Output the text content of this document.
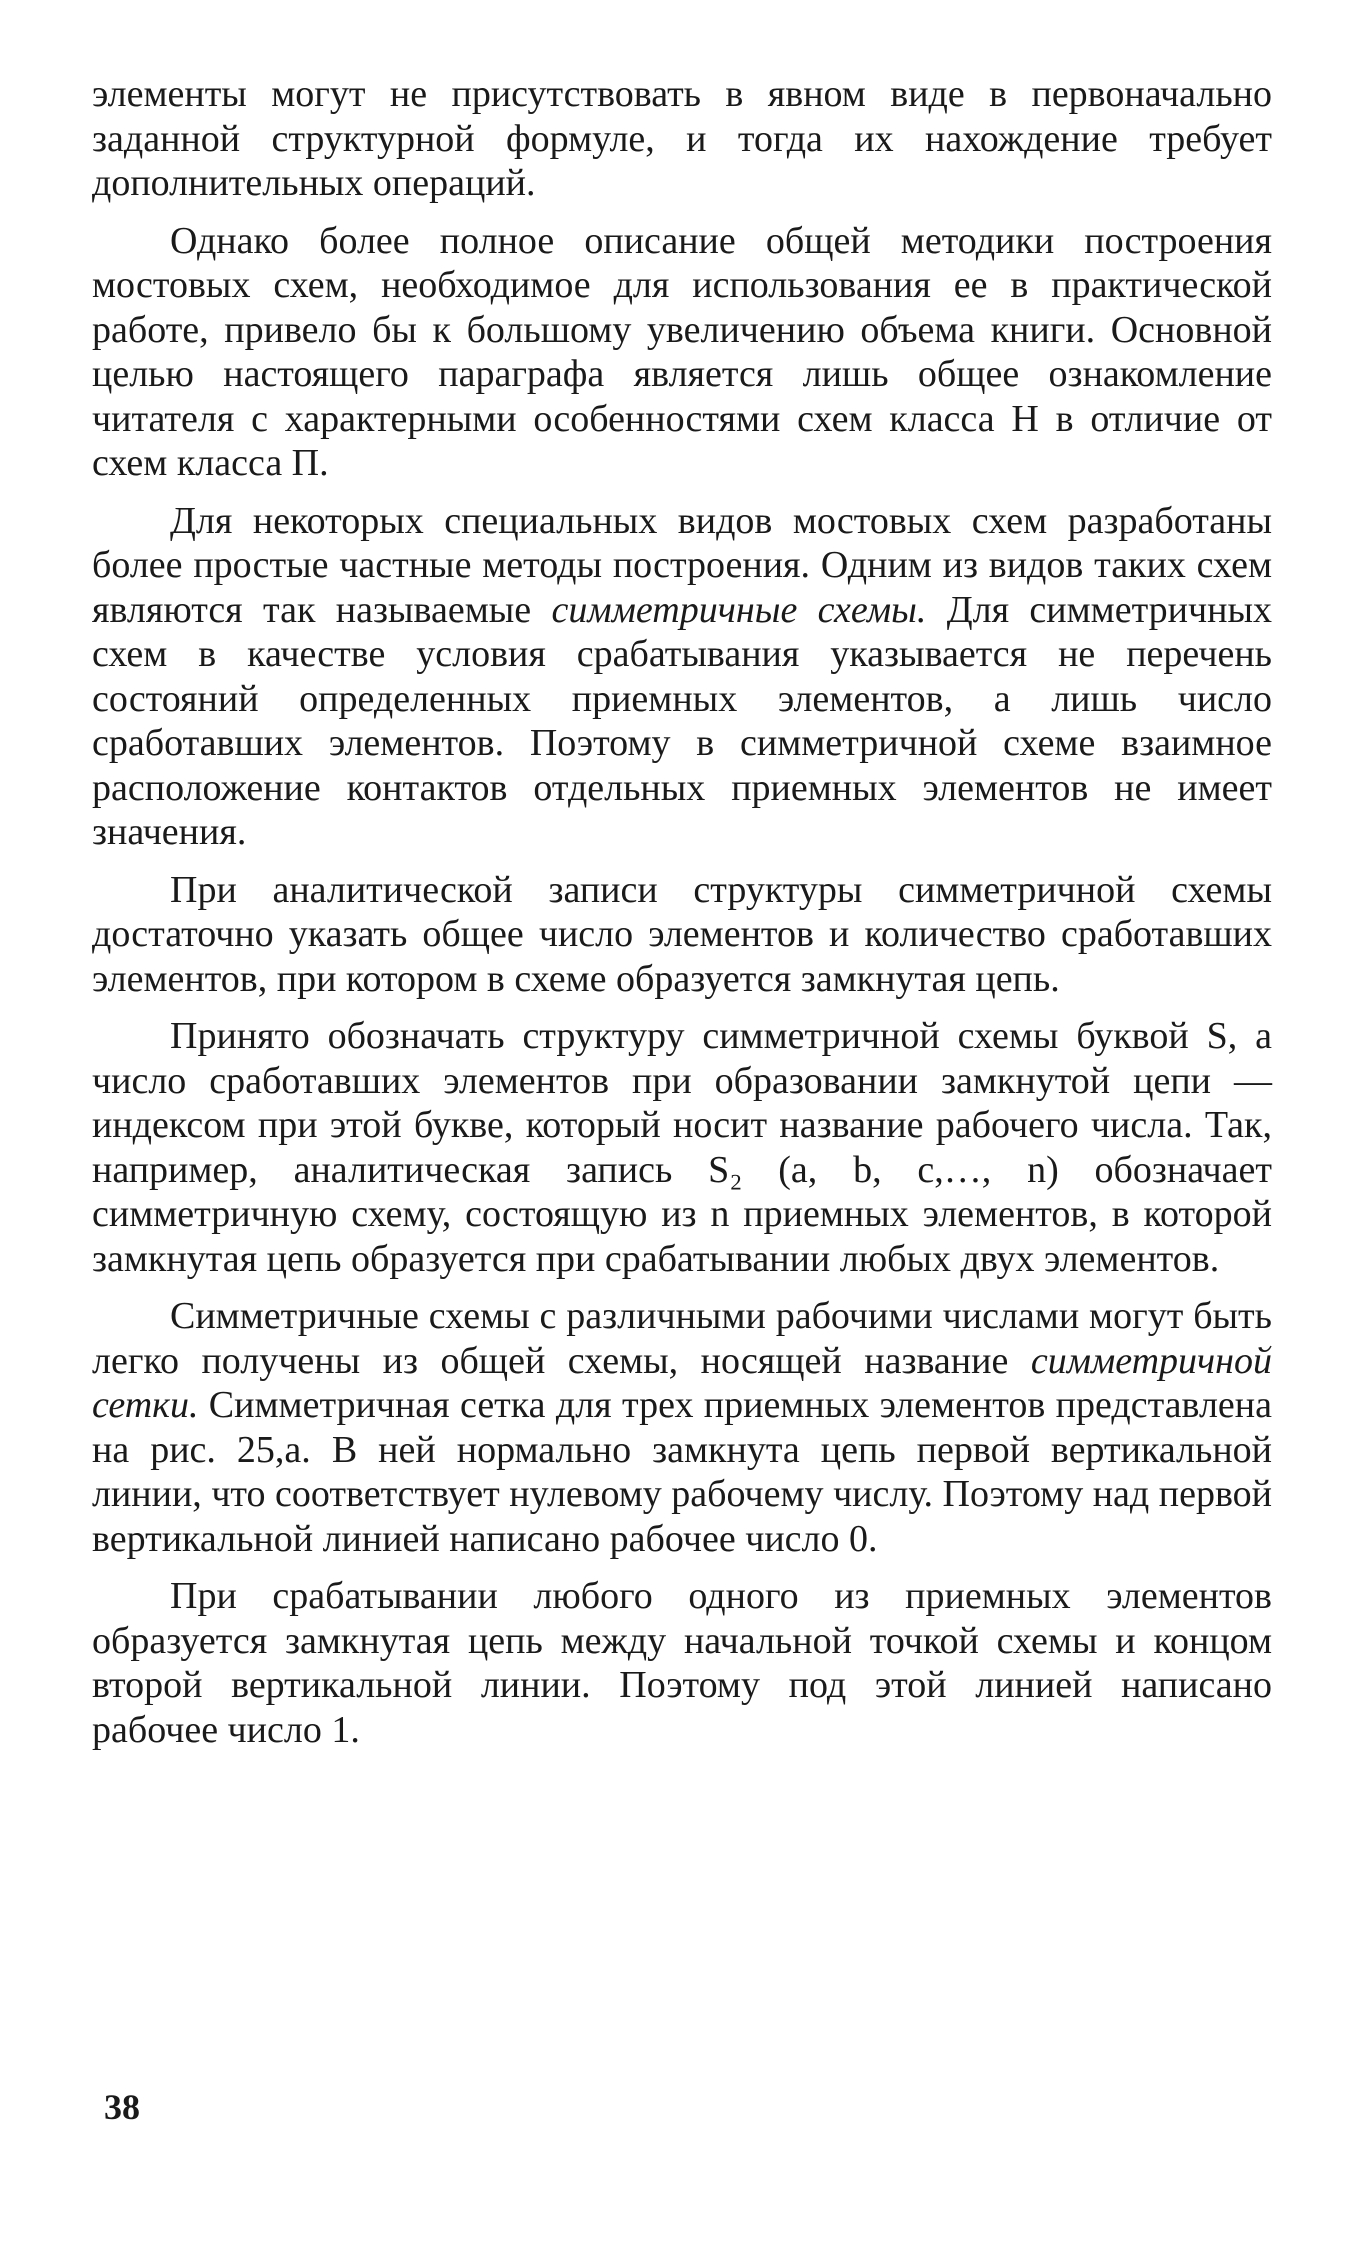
элементы могут не присутствовать в явном виде в первоначально заданной структурной формуле, и тогда их нахождение требует дополнительных операций.

Однако более полное описание общей методики построения мостовых схем, необходимое для использования ее в практической работе, привело бы к большому увеличению объема книги. Основной целью настоящего параграфа является лишь общее ознакомление читателя с характерными особенностями схем класса Н в отличие от схем класса П.

Для некоторых специальных видов мостовых схем разработаны более простые частные методы построения. Одним из видов таких схем являются так называемые симметричные схемы. Для симметричных схем в качестве условия срабатывания указывается не перечень состояний определенных приемных элементов, а лишь число сработавших элементов. Поэтому в симметричной схеме взаимное расположение контактов отдельных приемных элементов не имеет значения.

При аналитической записи структуры симметричной схемы достаточно указать общее число элементов и количество сработавших элементов, при котором в схеме образуется замкнутая цепь.

Принято обозначать структуру симметричной схемы буквой S, а число сработавших элементов при образовании замкнутой цепи — индексом при этой букве, который носит название рабочего числа. Так, например, аналитическая запись S₂ (a, b, c,…, n) обозначает симметричную схему, состоящую из n приемных элементов, в которой замкнутая цепь образуется при срабатывании любых двух элементов.

Симметричные схемы с различными рабочими числами могут быть легко получены из общей схемы, носящей название симметричной сетки. Симметричная сетка для трех приемных элементов представлена на рис. 25,а. В ней нормально замкнута цепь первой вертикальной линии, что соответствует нулевому рабочему числу. Поэтому над первой вертикальной линией написано рабочее число 0.

При срабатывании любого одного из приемных элементов образуется замкнутая цепь между начальной точкой схемы и концом второй вертикальной линии. Поэтому под этой линией написано рабочее число 1.

38
